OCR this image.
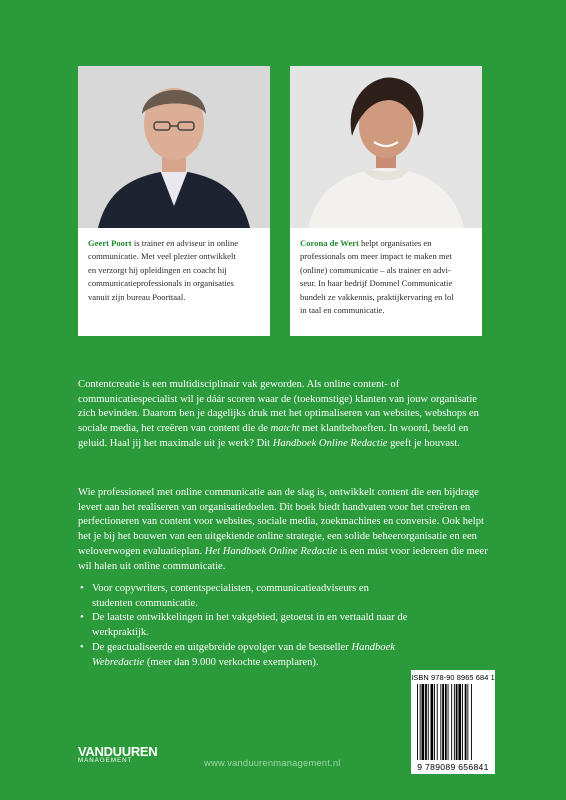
Geert Poort is trainer en adviseur in online
communicatie. Met veel plezier ontwikkelt
en verzorgt hij opleidingen en coacht hij
communicatieprofessionals in organisaties
vanuit zijn bureau Poorttaal.
Corona de Wert helpt organisaties en
professionals om meer impact te maken met
(online) communicatie – als trainer en advi-
seur. In haar bedrijf Dommel Communicatie
bundelt ze vakkennis, praktijkervaring en lol
in taal en communicatie.

Contentcreatie is een multidisciplinair vak geworden. Als online content- of communicatiespecialist wil je dáár scoren waar de (toekomstige) klanten van jouw organisatie zich bevinden. Daarom ben je dagelijks druk met het optimaliseren van websites, webshops en sociale media, het creëren van content die de matcht met klantbehoeften. In woord, beeld en geluid. Haal jij het maximale uit je werk? Dit Handboek Online Redactie geeft je houvast.

Wie professioneel met online communicatie aan de slag is, ontwikkelt content die een bijdrage levert aan het realiseren van organisatiedoelen. Dit boek biedt handvaten voor het creëren en perfectioneren van content voor websites, sociale media, zoekmachines en conversie. Ook helpt het je bij het bouwen van een uitgekiende online strategie, een solide beheerorganisatie en een weloverwogen evaluatieplan. Het Handboek Online Redactie is een múst voor iedereen die meer wil halen uit online communicatie.

• Voor copywriters, contentspecialisten, communicatieadviseurs en studenten communicatie.
• De laatste ontwikkelingen in het vakgebied, getoetst in en vertaald naar de werkpraktijk.
• De geactualiseerde en uitgebreide opvolger van de bestseller Handboek Webredactie (meer dan 9.000 verkochte exemplaren).
ISBN 978-90 8965 684 1
9 789089 656841
VANDUUREN
MANAGEMENT	www.vanduurenmanagement.nl
